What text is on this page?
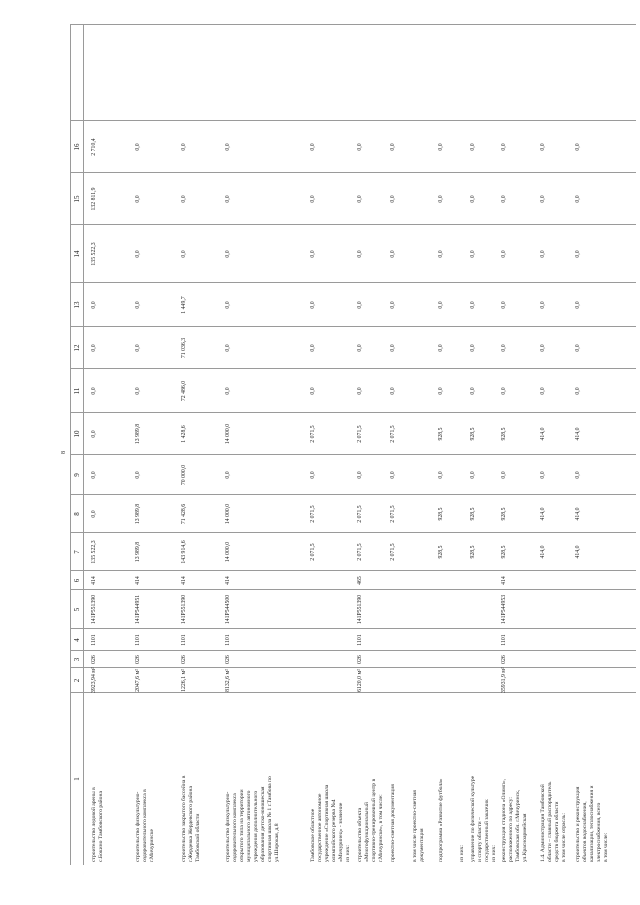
1
2
3
4
5
6
7
8
9
10
11
12
13
14
15
16
строительство ледовой арены в
с.Бокино Тамбовского района
3923,94 м²
026
1101
141Р551390
414
135 522,3
0,0
0,0
0,0
0,0
0,0
0,0
135 522,3
132 811,9
2 710,4
строительство физкультурно-
оздоровительного комплекса в
г.Мичуринске
2047,6 м²
026
1101
141Р544951
414
13 989,8
13 989,8
0,0
13 989,8
0,0
0,0
0,0
0,0
0,0
0,0
строительство закрытого бассейна в
г.Жердевка Жердевского района
Тамбовской области
1226,1 м²
026
1101
141Р551390
414
143 914,6
71 428,6
70 000,0
1 428,6
72 486,0
71 036,3
1 449,7
0,0
0,0
0,0
строительство физкультурно-
оздоровительного комплекса
открытого типа на территории
муниципального автономного
учреждения дополнительного
образования детско-юношеская
спортивная школа № 1 г.Тамбова по
ул.Широкая, д.8
8132,6 м²
026
1101
141Р544500
414
14 000,0
14 000,0
0,0
14 000,0
0,0
0,0
0,0
0,0
0,0
0,0
Тамбовское областное
государственное автономное
учреждение «Спортивная школа
олимпийского резерва №4
«Мичуринец» - значение
из них:
2 071,5
2 071,5
0,0
2 071,5
0,0
0,0
0,0
0,0
0,0
0,0
строительство объекта
«Многофункциональный
спортивно-тренировочный центр в
г.Мичуринске», в том числе:
6120,0 м²
026
1101
141Р551390
465
2 071,5
2 071,5
0,0
2 071,5
0,0
0,0
0,0
0,0
0,0
0,0
проектно-сметная документация
2 071,5
2 071,5
0,0
2 071,5
0,0
0,0
0,0
0,0
0,0
0,0
в том числе проектно-сметная
документация подпрограмма «Развитие футбола»
928,5
928,5
0,0
928,5
0,0
0,0
0,0
0,0
0,0
0,0
из них: управление по физической культуре
и спорту области –
государственный заказчик
из них:
928,5
928,5
0,0
928,5
0,0
0,0
0,0
0,0
0,0
0,0
реконструкция стадиона «Олимп»,
расположенного по адресу:
Тамбовская обл. г.Мичуринск,
ул.Красноармейская
35931,9 м²
026
1101
141Р544953
414
928,5
928,5
0,0
928,5
0,0
0,0
0,0
0,0
0,0
0,0
1.4. Администрация Тамбовской
области – главный распорядитель
средств бюджета области
в том числе отрасль:
414,0
414,0
0,0
414,0
0,0
0,0
0,0
0,0
0,0
0,0
строительство и реконструкция
объектов водоснабжения,
канализации, теплоснабжения и
электроснабжения, всего
в том числе:
414,0
414,0
0,0
414,0
0,0
0,0
0,0
0,0
0,0
0,0
8
